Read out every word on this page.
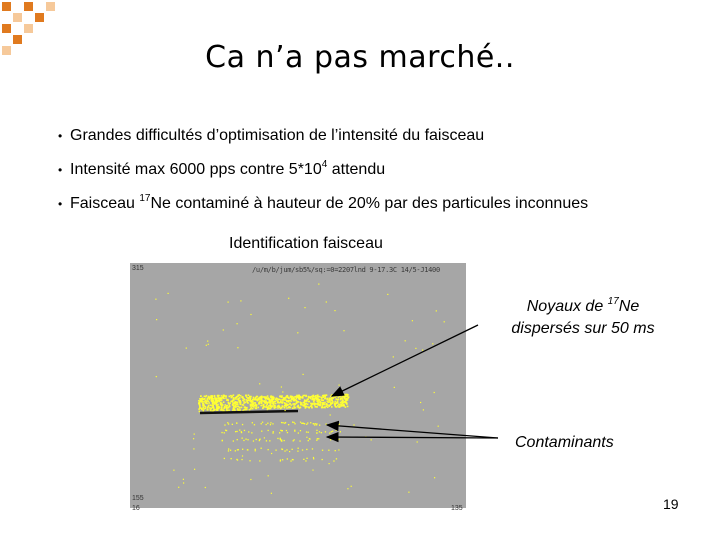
Ca n’a pas marché..
• Grandes difficultés d’optimisation de l’intensité du faisceau
• Intensité max 6000 pps contre $5*10^4$ attendu
• Faisceau $^{17}$Ne contaminé à hauteur de 20% par des particules inconnues
Identification faisceau
315	/u/m/b/jum/sb5%/sq:=0=2207lnd 9-17.3C 14/5-J1400
155
16	135
Noyaux de $^{17}$Ne
dispersés sur 50 ms
Contaminants
19
